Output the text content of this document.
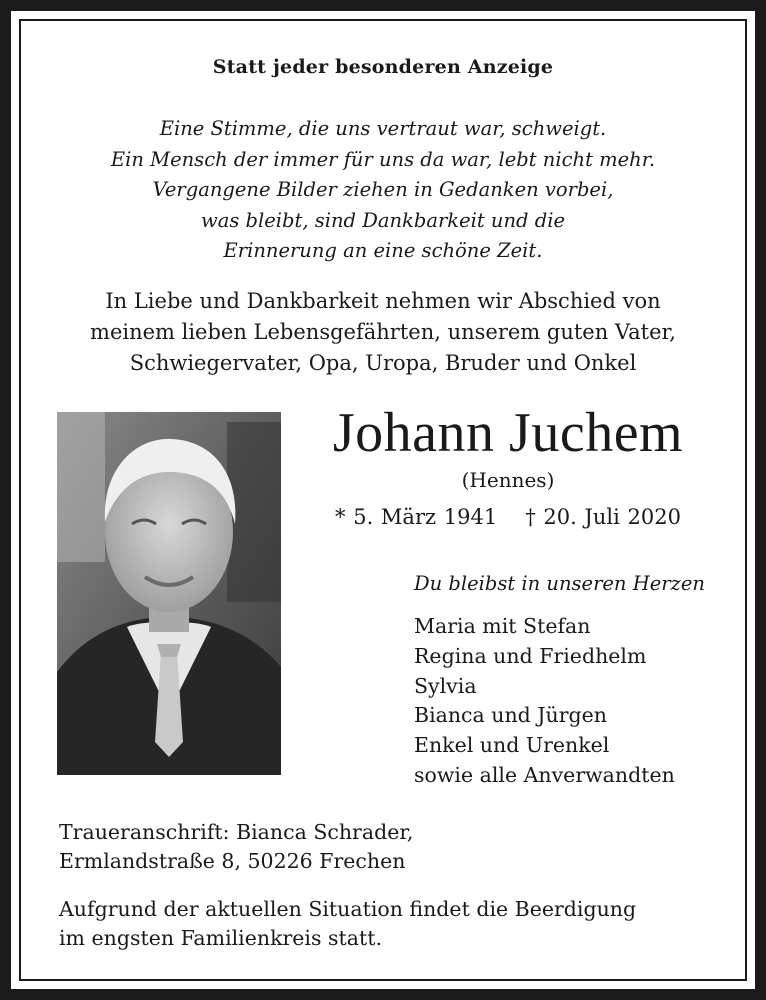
Statt jeder besonderen Anzeige
Eine Stimme, die uns vertraut war, schweigt.
Ein Mensch der immer für uns da war, lebt nicht mehr.
Vergangene Bilder ziehen in Gedanken vorbei,
was bleibt, sind Dankbarkeit und die
Erinnerung an eine schöne Zeit.
In Liebe und Dankbarkeit nehmen wir Abschied von
meinem lieben Lebensgefährten, unserem guten Vater,
Schwiegervater, Opa, Uropa, Bruder und Onkel
Johann Juchem
(Hennes)
* 5. März 1941 † 20. Juli 2020
Du bleibst in unseren Herzen
Maria mit Stefan
Regina und Friedhelm
Sylvia
Bianca und Jürgen
Enkel und Urenkel
sowie alle Anverwandten
Traueranschrift: Bianca Schrader,
Ermlandstraße 8, 50226 Frechen
Aufgrund der aktuellen Situation findet die Beerdigung
im engsten Familienkreis statt.
